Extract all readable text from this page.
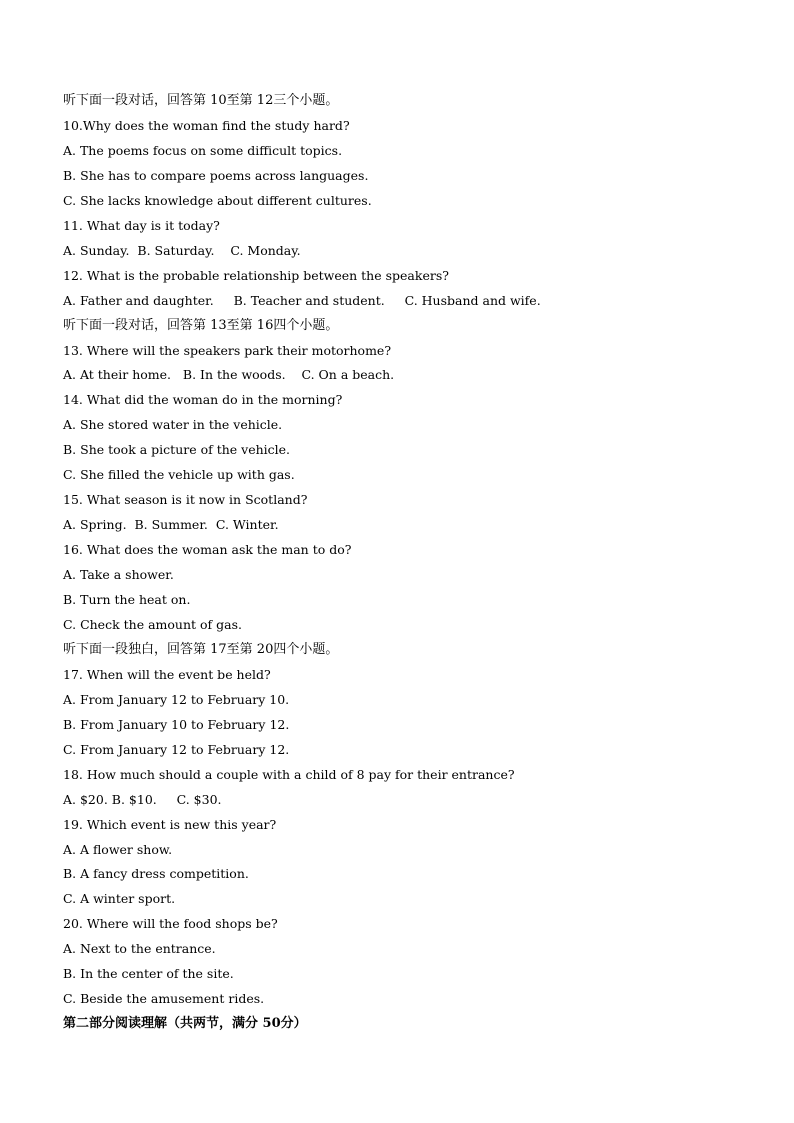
听下面一段对话，回答第 10至第 12三个小题。
10.Why does the woman find the study hard?
A. The poems focus on some difficult topics.
B. She has to compare poems across languages.
C. She lacks knowledge about different cultures.
11. What day is it today?
A. Sunday.  B. Saturday.    C. Monday.
12. What is the probable relationship between the speakers?
A. Father and daughter.     B. Teacher and student.     C. Husband and wife.
听下面一段对话，回答第 13至第 16四个小题。
13. Where will the speakers park their motorhome?
A. At their home.   B. In the woods.    C. On a beach.
14. What did the woman do in the morning?
A. She stored water in the vehicle.
B. She took a picture of the vehicle.
C. She filled the vehicle up with gas.
15. What season is it now in Scotland?
A. Spring.  B. Summer.  C. Winter.
16. What does the woman ask the man to do?
A. Take a shower.
B. Turn the heat on.
C. Check the amount of gas.
听下面一段独白，回答第 17至第 20四个小题。
17. When will the event be held?
A. From January 12 to February 10.
B. From January 10 to February 12.
C. From January 12 to February 12.
18. How much should a couple with a child of 8 pay for their entrance?
A. $20. B. $10.     C. $30.
19. Which event is new this year?
A. A flower show.
B. A fancy dress competition.
C. A winter sport.
20. Where will the food shops be?
A. Next to the entrance.
B. In the center of the site.
C. Beside the amusement rides.
第二部分阅读理解（共两节，满分 50分）
